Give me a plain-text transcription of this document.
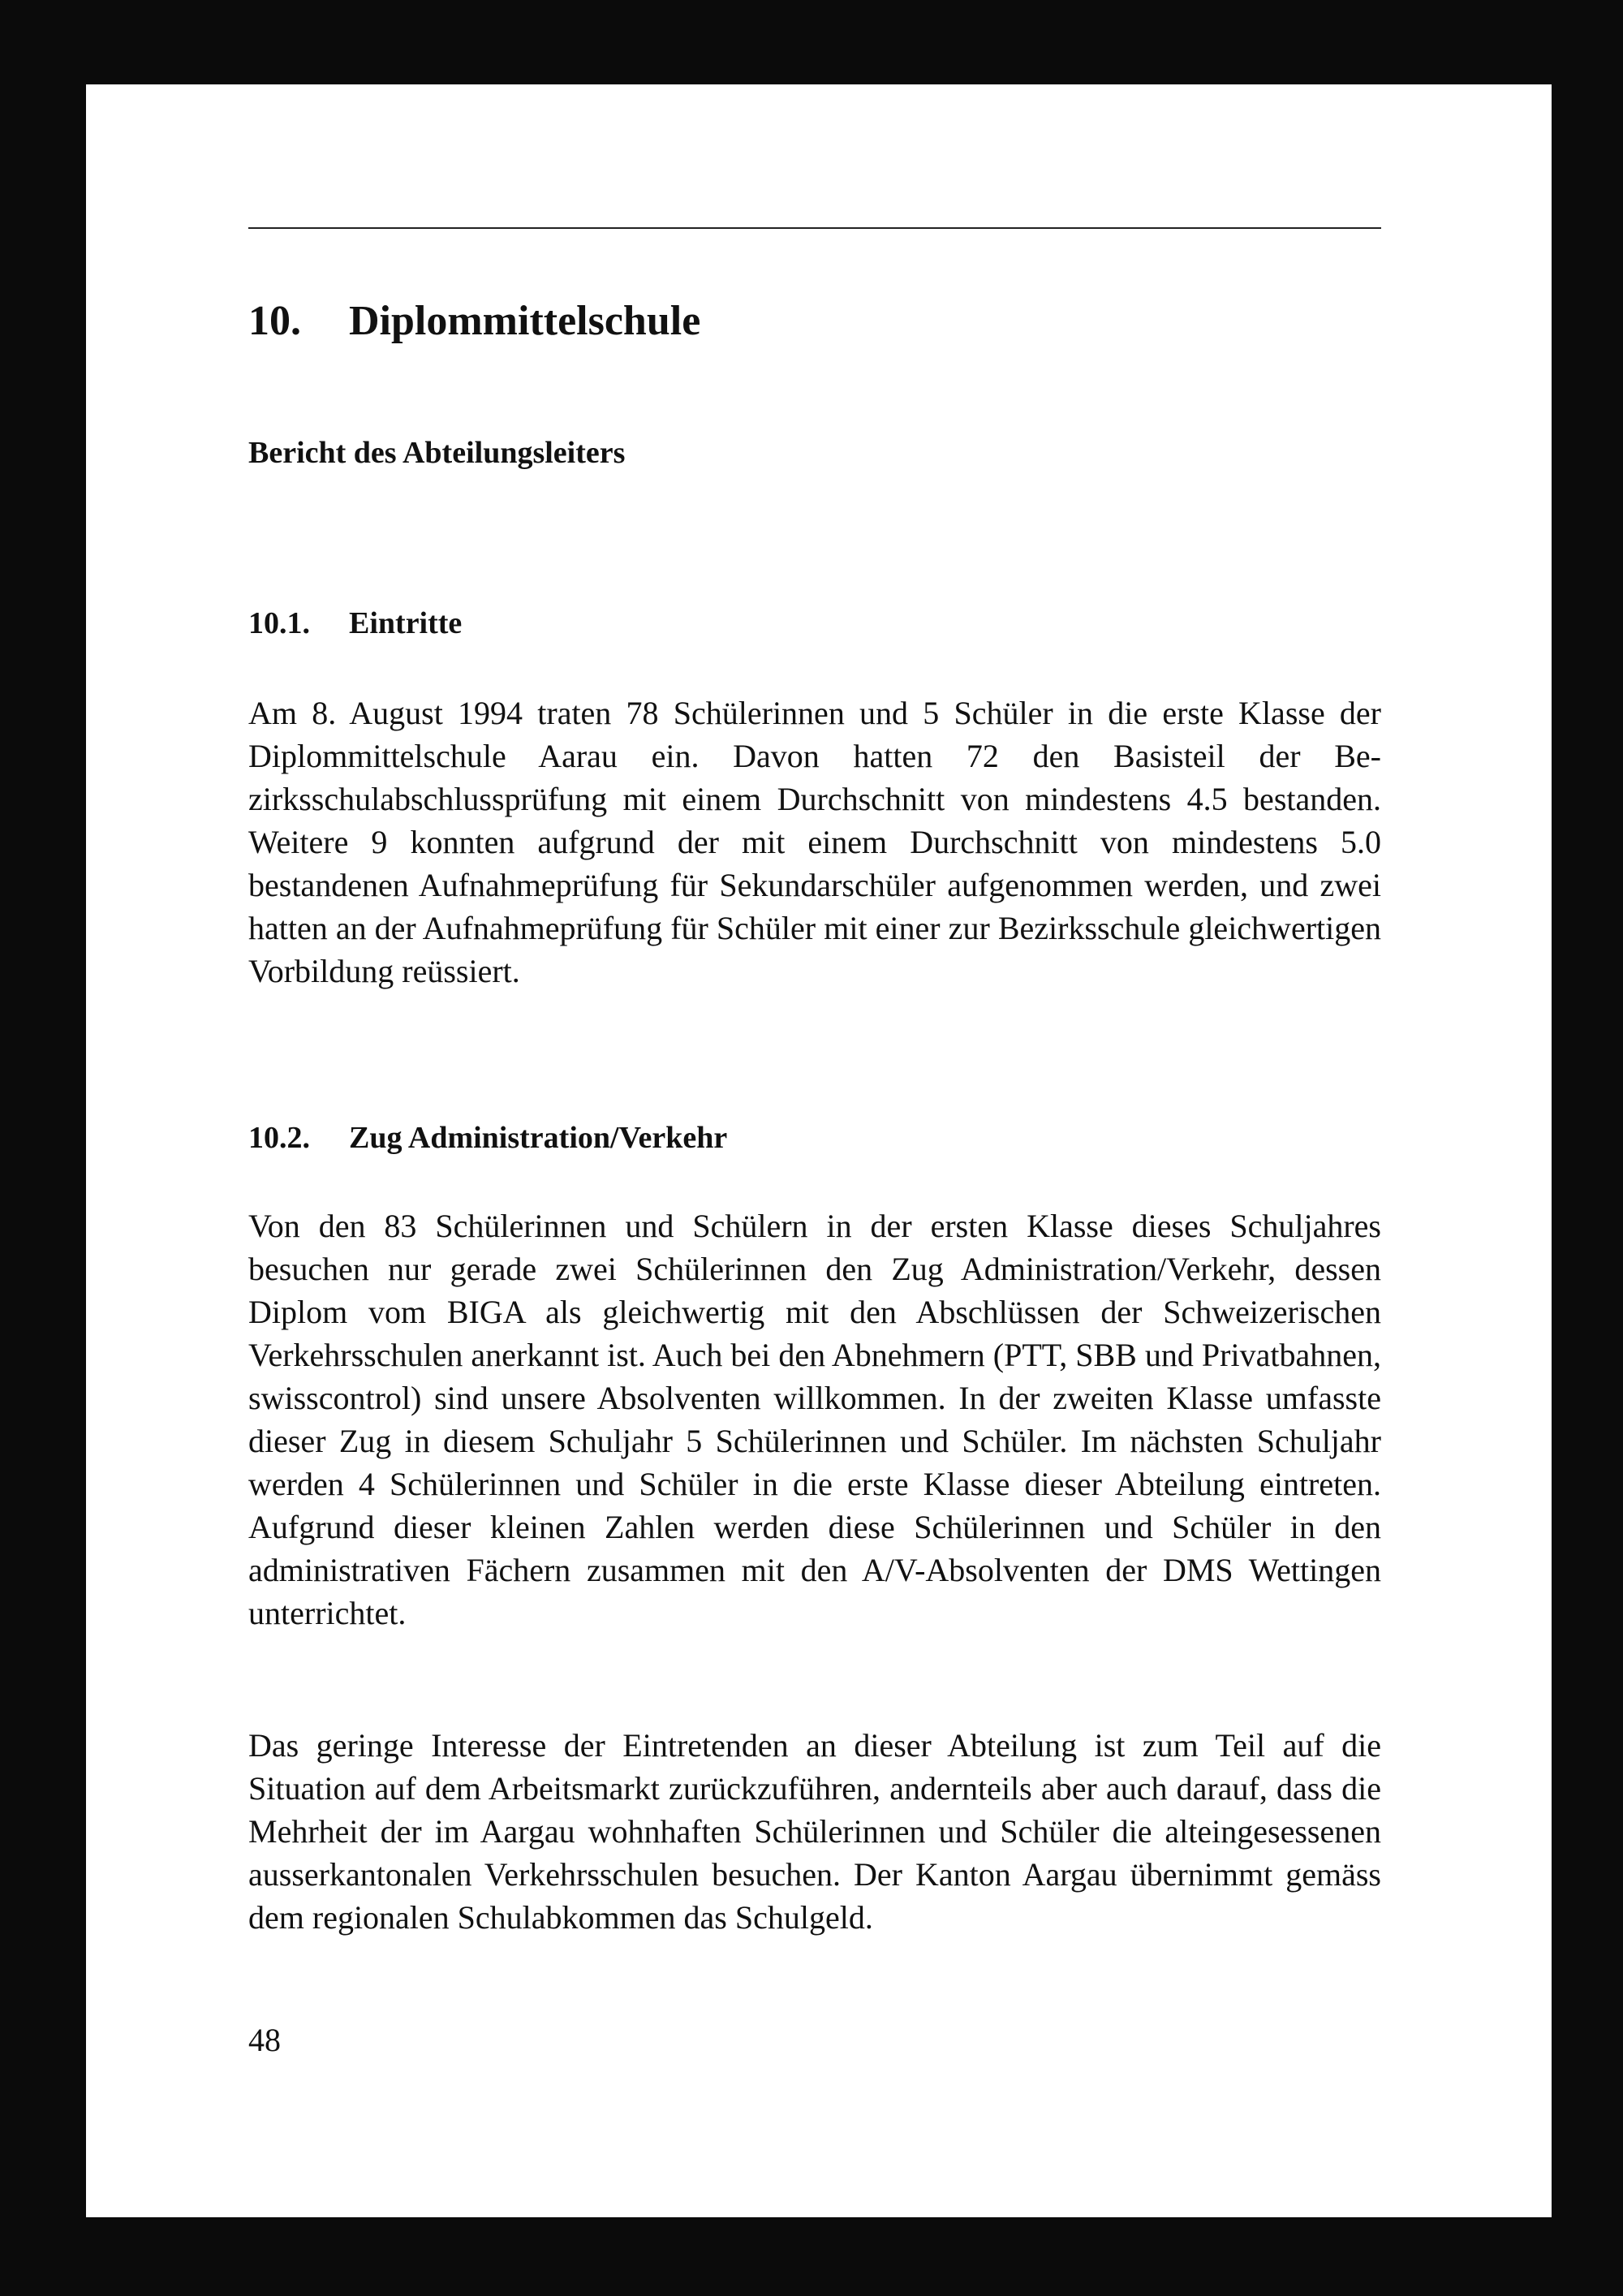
10. Diplommittelschule
Bericht des Abteilungsleiters
10.1. Eintritte

Am 8. August 1994 traten 78 Schülerinnen und 5 Schüler in die erste Klasse der Diplommittelschule Aarau ein. Davon hatten 72 den Basisteil der Bezirksschulabschlussprüfung mit einem Durchschnitt von mindestens 4.5 bestanden. Weitere 9 konnten aufgrund der mit einem Durchschnitt von mindestens 5.0 bestandenen Aufnahmeprüfung für Sekundarschüler aufgenommen werden, und zwei hatten an der Aufnahmeprüfung für Schüler mit einer zur Bezirksschule gleichwertigen Vorbildung reüssiert.

10.2. Zug Administration/Verkehr

Von den 83 Schülerinnen und Schülern in der ersten Klasse dieses Schuljahres besuchen nur gerade zwei Schülerinnen den Zug Administration/​Verkehr, dessen Diplom vom BIGA als gleichwertig mit den Abschlüssen der Schweizerischen Verkehrsschulen anerkannt ist. Auch bei den Abnehmern (PTT, SBB und Privatbahnen, swisscontrol) sind unsere Absolventen willkommen. In der zweiten Klasse umfasste dieser Zug in diesem Schuljahr 5 Schülerinnen und Schüler. Im nächsten Schuljahr werden 4 Schülerinnen und Schüler in die erste Klasse dieser Abteilung eintreten. Aufgrund dieser kleinen Zahlen werden diese Schülerinnen und Schüler in den administrativen Fächern zusammen mit den A/V-Absolventen der DMS Wettingen unterrichtet.

Das geringe Interesse der Eintretenden an dieser Abteilung ist zum Teil auf die Situation auf dem Arbeitsmarkt zurückzuführen, andernteils aber auch darauf, dass die Mehrheit der im Aargau wohnhaften Schülerinnen und Schüler die alteingesessenen ausserkantonalen Verkehrsschulen besuchen. Der Kanton Aargau übernimmt gemäss dem regionalen Schulabkommen das Schulgeld.

48
